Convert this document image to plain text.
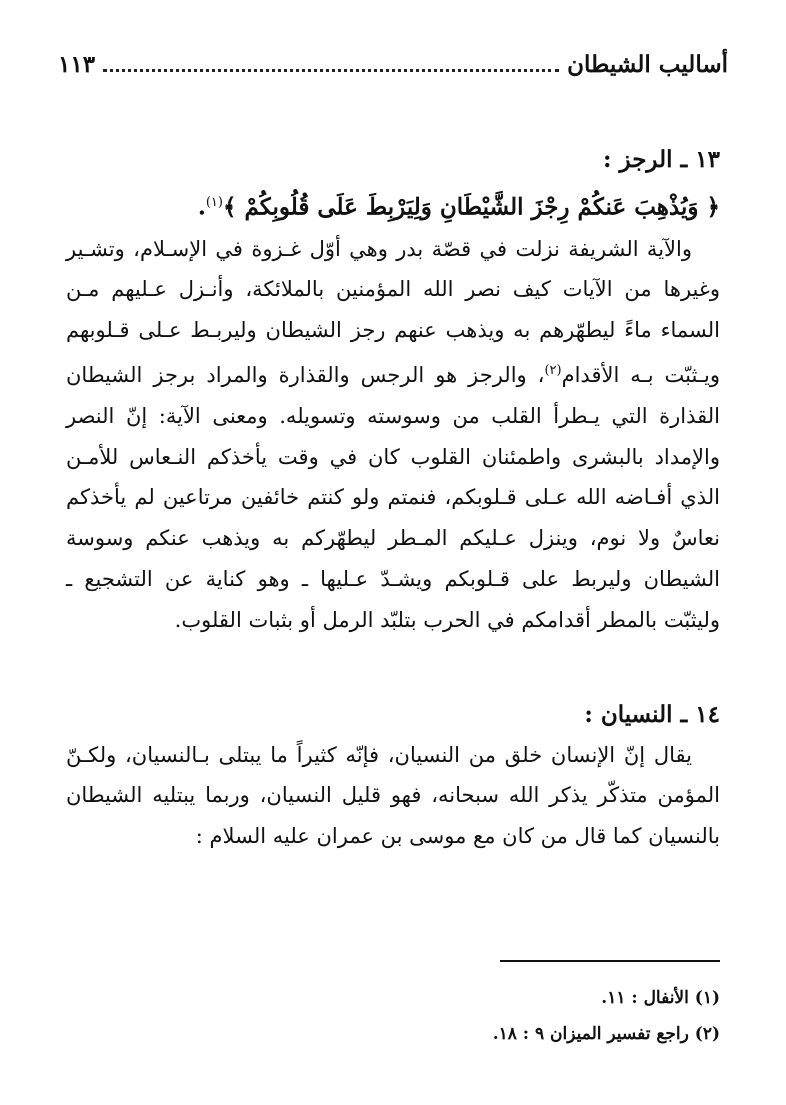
أساليب الشيطان
١١٣

١٣ ـ الرجز :

﴿ وَيُذْهِبَ عَنكُمْ رِجْزَ الشَّيْطَانِ وَلِيَرْبِطَ عَلَى قُلُوبِكُمْ ﴾$^{(١)}$.

والآية الشريفة نزلت في قصّة بدر وهي أوّل غـزوة في الإسـلام، وتشـير وغيرها من الآيات كيف نصر الله المؤمنين بالملائكة، وأنـزل عـليهم مـن السماء ماءً ليطهّرهم به ويذهب عنهم رجز الشيطان وليربـط عـلى قـلوبهم ويـثبّت بـه الأقدام$^{(٢)}$، والرجز هو الرجس والقذارة والمراد برجز الشيطان القذارة التي يـطرأ القلب من وسوسته وتسويله. ومعنى الآية: إنّ النصر والإمداد بالبشرى واطمئنان القلوب كان في وقت يأخذكم النـعاس للأمـن الذي أفـاضه الله عـلى قـلوبكم، فنمتم ولو كنتم خائفين مرتاعين لم يأخذكم نعاسٌ ولا نوم، وينزل عـليكم المـطر ليطهّركم به ويذهب عنكم وسوسة الشيطان وليربط على قـلوبكم ويشـدّ عـليها ـ وهو كناية عن التشجيع ـ وليثبّت بالمطر أقدامكم في الحرب بتلبّد الرمل أو بثبات القلوب.

١٤ ـ النسيان :

يقال إنّ الإنسان خلق من النسيان، فإنّه كثيراً ما يبتلى بـالنسيان، ولكـنّ المؤمن متذكّر يذكر الله سبحانه، فهو قليل النسيان، وربما يبتليه الشيطان بالنسيان كما قال من كان مع موسى بن عمران عليه السلام :

(١) الأنفال : ١١.

(٢) راجع تفسير الميزان ٩ : ١٨.
